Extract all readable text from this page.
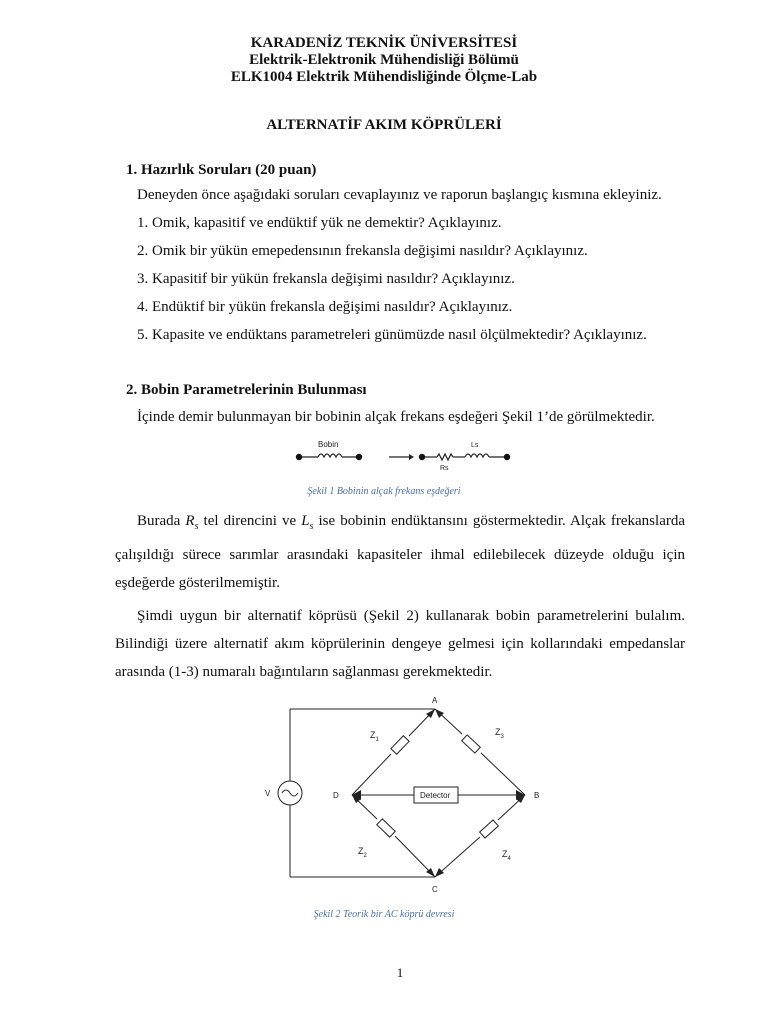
KARADENİZ TEKNİK ÜNİVERSİTESİ
Elektrik-Elektronik Mühendisliği Bölümü
ELK1004 Elektrik Mühendisliğinde Ölçme-Lab
ALTERNATİF AKIM KÖPRÜLERİ
1. Hazırlık Soruları (20 puan)
Deneyden önce aşağıdaki soruları cevaplayınız ve raporun başlangıç kısmına ekleyiniz.
1. Omik, kapasitif ve endüktif yük ne demektir? Açıklayınız.
2. Omik bir yükün emepedensının frekansla değişimi nasıldır? Açıklayınız.
3. Kapasitif bir yükün frekansla değişimi nasıldır? Açıklayınız.
4. Endüktif bir yükün frekansla değişimi nasıldır? Açıklayınız.
5. Kapasite ve endüktans parametreleri günümüzde nasıl ölçülmektedir? Açıklayınız.
2. Bobin Parametrelerinin Bulunması
İçinde demir bulunmayan bir bobinin alçak frekans eşdeğeri Şekil 1’de görülmektedir.
Bobin	Ls
Rs
Şekil 1 Bobinin alçak frekans eşdeğeri
Burada $R_s$ tel direncini ve $L_s$ ise bobinin endüktansını göstermektedir. Alçak frekanslarda çalışıldığı sürece sarımlar arasındaki kapasiteler ihmal edilebilecek düzeyde olduğu için eşdeğerde gösterilmemiştir.
Şimdi uygun bir alternatif köprüsü (Şekil 2) kullanarak bobin parametrelerini bulalım. Bilindiği üzere alternatif akım köprülerinin dengeye gelmesi için kollarındaki empedanslar arasında (1-3) numaralı bağıntıların sağlanması gerekmektedir.
A
B
C
D
V	Detector
$Z_1$
$Z_3$
$Z_2$	$Z_4$
Şekil 2 Teorik bir AC köprü devresi
1
